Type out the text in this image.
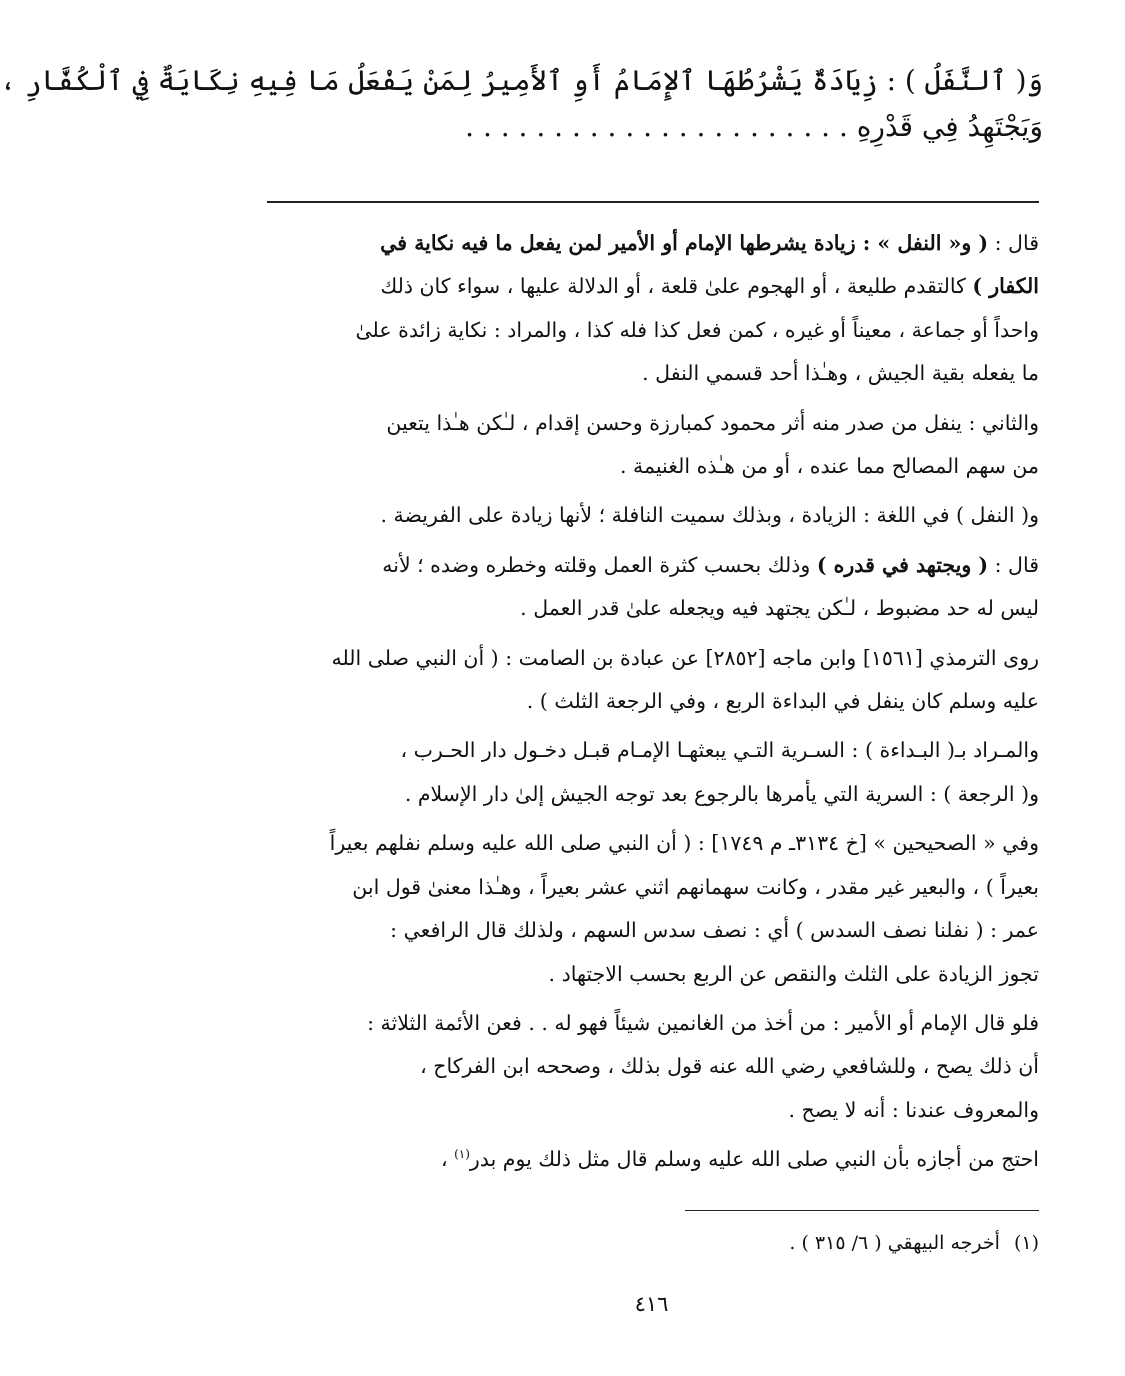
وَ( ٱلنَّفَلُ ) : زِيَادَةٌ يَشْرُطُهَا ٱلإِمَامُ أَوِ ٱلأَمِيرُ لِمَنْ يَفْعَلُ مَا فِيهِ نِكَايَةٌ فِي ٱلْكُفَّارِ ،
وَيَجْتَهِدُ فِي قَدْرِهِ . . . . . . . . . . . . . . . . . . . . . .

قال : ( و« النفل » : زيادة يشرطها الإمام أو الأمير لمن يفعل ما فيه نكاية في
الكفار ) كالتقدم طليعة ، أو الهجوم علىٰ قلعة ، أو الدلالة عليها ، سواء كان ذلك
واحداً أو جماعة ، معيناً أو غيره ، كمن فعل كذا فله كذا ، والمراد : نكاية زائدة علىٰ
ما يفعله بقية الجيش ، وهـٰذا أحد قسمي النفل .

والثاني : ينفل من صدر منه أثر محمود كمبارزة وحسن إقدام ، لـٰكن هـٰذا يتعين
من سهم المصالح مما عنده ، أو من هـٰذه الغنيمة .

و( النفل ) في اللغة : الزيادة ، وبذلك سميت النافلة ؛ لأنها زيادة على الفريضة .

قال : ( ويجتهد في قدره ) وذلك بحسب كثرة العمل وقلته وخطره وضده ؛ لأنه
ليس له حد مضبوط ، لـٰكن يجتهد فيه ويجعله علىٰ قدر العمل .

روى الترمذي [١٥٦١] وابن ماجه [٢٨٥٢] عن عبادة بن الصامت : ( أن النبي صلى الله
عليه وسلم كان ينفل في البداءة الربع ، وفي الرجعة الثلث ) .

والمـراد بـ( البـداءة ) : السـرية التـي يبعثهـا الإمـام قبـل دخـول دار الحـرب ،
و( الرجعة ) : السرية التي يأمرها بالرجوع بعد توجه الجيش إلىٰ دار الإسلام .

وفي « الصحيحين » [خ ٣١٣٤ـ م ١٧٤٩] : ( أن النبي صلى الله عليه وسلم نفلهم بعيراً
بعيراً ) ، والبعير غير مقدر ، وكانت سهمانهم اثني عشر بعيراً ، وهـٰذا معنىٰ قول ابن
عمر : ( نفلنا نصف السدس ) أي : نصف سدس السهم ، ولذلك قال الرافعي :
تجوز الزيادة على الثلث والنقص عن الربع بحسب الاجتهاد .

فلو قال الإمام أو الأمير : من أخذ من الغانمين شيئاً فهو له . . فعن الأئمة الثلاثة :
أن ذلك يصح ، وللشافعي رضي الله عنه قول بذلك ، وصححه ابن الفركاح ،
والمعروف عندنا : أنه لا يصح .

احتج من أجازه بأن النبي صلى الله عليه وسلم قال مثل ذلك يوم بدر$^{(١)}$ ،

(١)أخرجه البيهقي ( ٦/ ٣١٥ ) .
٤١٦
